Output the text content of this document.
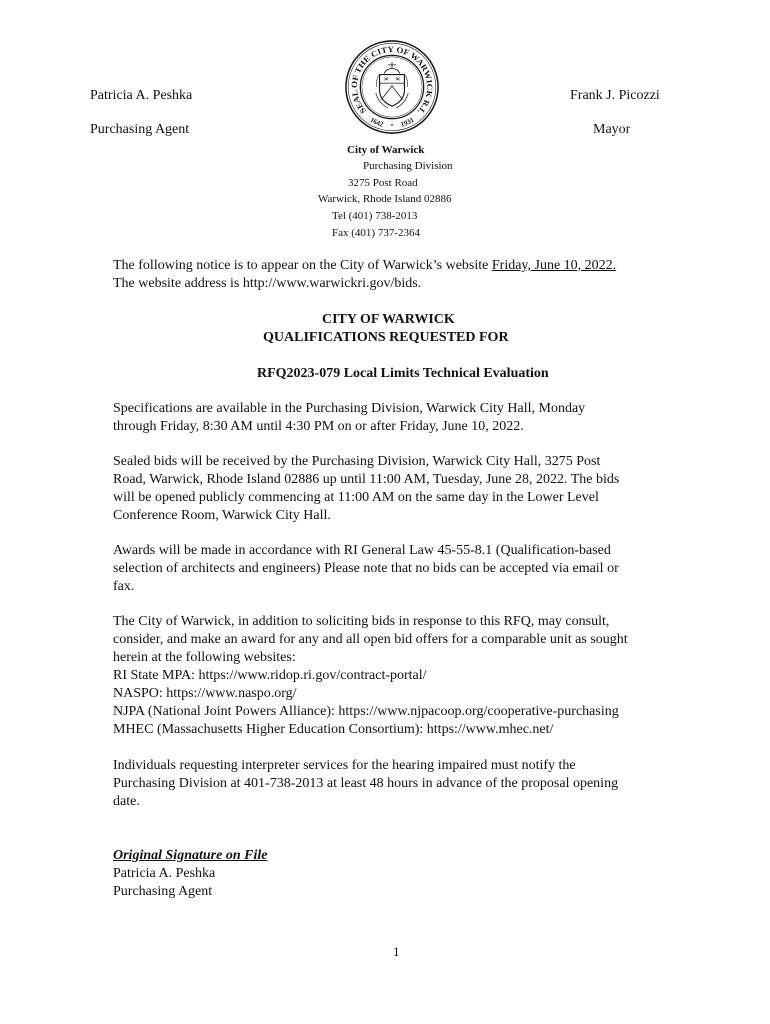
SEAL OF THE CITY OF WARWICK R.I.
1642 1931
Patricia A. Peshka
Purchasing Agent
Frank J. Picozzi
Mayor
City of Warwick
Purchasing Division
3275 Post Road
Warwick, Rhode Island 02886
Tel (401) 738-2013
Fax (401) 737-2364
The following notice is to appear on the City of Warwick’s website Friday, June 10, 2022.
The website address is http://www.warwickri.gov/bids.
CITY OF WARWICK
QUALIFICATIONS REQUESTED FOR
RFQ2023-079 Local Limits Technical Evaluation
Specifications are available in the Purchasing Division, Warwick City Hall, Monday
through Friday, 8:30 AM until 4:30 PM on or after Friday, June 10, 2022.
Sealed bids will be received by the Purchasing Division, Warwick City Hall, 3275 Post
Road, Warwick, Rhode Island 02886 up until 11:00 AM, Tuesday, June 28, 2022. The bids
will be opened publicly commencing at 11:00 AM on the same day in the Lower Level
Conference Room, Warwick City Hall.
Awards will be made in accordance with RI General Law 45-55-8.1 (Qualification-based
selection of architects and engineers) Please note that no bids can be accepted via email or
fax.
The City of Warwick, in addition to soliciting bids in response to this RFQ, may consult,
consider, and make an award for any and all open bid offers for a comparable unit as sought
herein at the following websites:
RI State MPA: https://www.ridop.ri.gov/contract-portal/
NASPO: https://www.naspo.org/
NJPA (National Joint Powers Alliance): https://www.njpacoop.org/cooperative-purchasing
MHEC (Massachusetts Higher Education Consortium): https://www.mhec.net/
Individuals requesting interpreter services for the hearing impaired must notify the
Purchasing Division at 401-738-2013 at least 48 hours in advance of the proposal opening
date.
Original Signature on File
Patricia A. Peshka
Purchasing Agent
1
